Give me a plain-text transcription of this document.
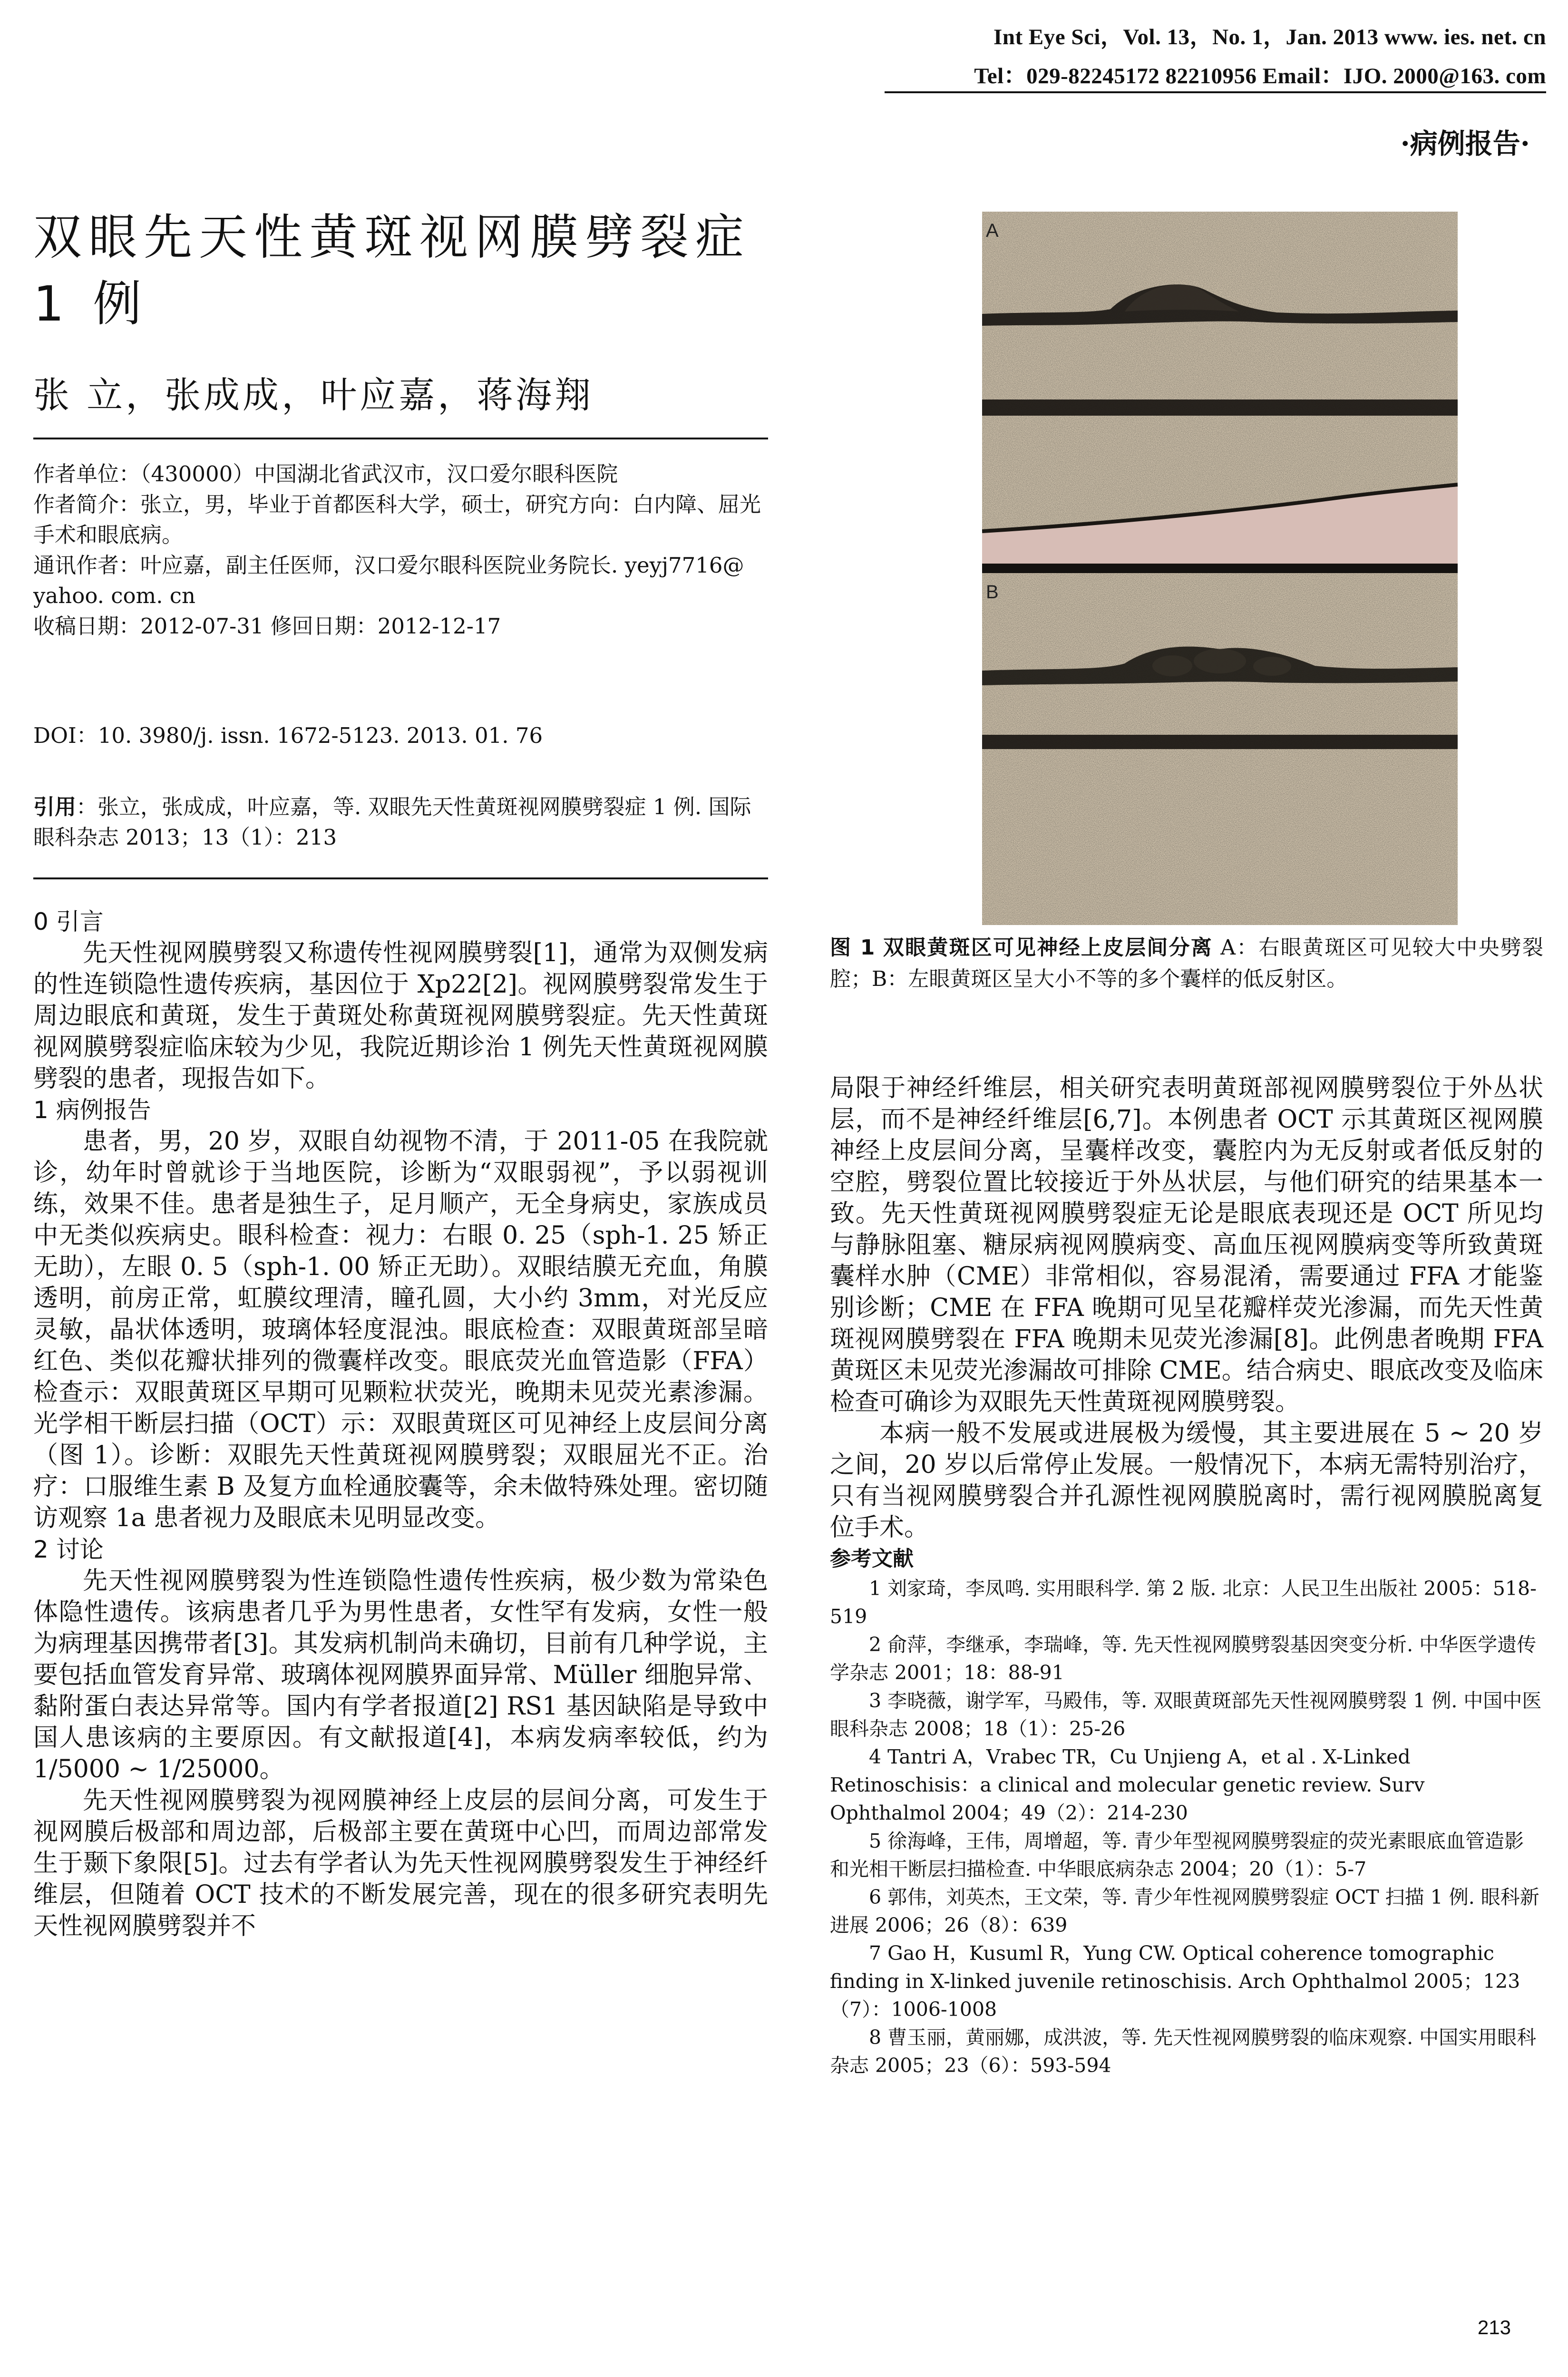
Int Eye Sci，Vol. 13，No. 1，Jan. 2013 www. ies. net. cn
Tel：029-82245172 82210956 Email：IJO. 2000@163. com
·病例报告·
双眼先天性黄斑视网膜劈裂症 1 例
张 立，张成成，叶应嘉，蒋海翔

作者单位：（430000）中国湖北省武汉市，汉口爱尔眼科医院

作者简介：张立，男，毕业于首都医科大学，硕士，研究方向：白内障、屈光手术和眼底病。

通讯作者：叶应嘉，副主任医师，汉口爱尔眼科医院业务院长. yeyj7716@ yahoo. com. cn

收稿日期：2012-07-31 修回日期：2012-12-17

DOI：10. 3980/j. issn. 1672-5123. 2013. 01. 76
引用：张立，张成成，叶应嘉，等. 双眼先天性黄斑视网膜劈裂症 1 例. 国际眼科杂志 2013；13（1）：213
0 引言

先天性视网膜劈裂又称遗传性视网膜劈裂[1]，通常为双侧发病的性连锁隐性遗传疾病，基因位于 Xp22[2]。视网膜劈裂常发生于周边眼底和黄斑，发生于黄斑处称黄斑视网膜劈裂症。先天性黄斑视网膜劈裂症临床较为少见，我院近期诊治 1 例先天性黄斑视网膜劈裂的患者，现报告如下。

1 病例报告

患者，男，20 岁，双眼自幼视物不清，于 2011-05 在我院就诊，幼年时曾就诊于当地医院，诊断为“双眼弱视”，予以弱视训练，效果不佳。患者是独生子，足月顺产，无全身病史，家族成员中无类似疾病史。眼科检查：视力：右眼 0. 25（sph-1. 25 矫正无助），左眼 0. 5（sph-1. 00 矫正无助）。双眼结膜无充血，角膜透明，前房正常，虹膜纹理清，瞳孔圆，大小约 3mm，对光反应灵敏，晶状体透明，玻璃体轻度混浊。眼底检查：双眼黄斑部呈暗红色、类似花瓣状排列的微囊样改变。眼底荧光血管造影（FFA）检查示：双眼黄斑区早期可见颗粒状荧光，晚期未见荧光素渗漏。光学相干断层扫描（OCT）示：双眼黄斑区可见神经上皮层间分离（图 1）。诊断：双眼先天性黄斑视网膜劈裂；双眼屈光不正。治疗：口服维生素 B 及复方血栓通胶囊等，余未做特殊处理。密切随访观察 1a 患者视力及眼底未见明显改变。

2 讨论

先天性视网膜劈裂为性连锁隐性遗传性疾病，极少数为常染色体隐性遗传。该病患者几乎为男性患者，女性罕有发病，女性一般为病理基因携带者[3]。其发病机制尚未确切，目前有几种学说，主要包括血管发育异常、玻璃体视网膜界面异常、Müller 细胞异常、黏附蛋白表达异常等。国内有学者报道[2] RS1 基因缺陷是导致中国人患该病的主要原因。有文献报道[4]，本病发病率较低，约为 1/5000 ~ 1/25000。

先天性视网膜劈裂为视网膜神经上皮层的层间分离，可发生于视网膜后极部和周边部，后极部主要在黄斑中心凹，而周边部常发生于颞下象限[5]。过去有学者认为先天性视网膜劈裂发生于神经纤维层，但随着 OCT 技术的不断发展完善，现在的很多研究表明先天性视网膜劈裂并不

A
B
图 1 双眼黄斑区可见神经上皮层间分离 A：右眼黄斑区可见较大中央劈裂腔；B：左眼黄斑区呈大小不等的多个囊样的低反射区。

局限于神经纤维层，相关研究表明黄斑部视网膜劈裂位于外丛状层，而不是神经纤维层[6,7]。本例患者 OCT 示其黄斑区视网膜神经上皮层间分离，呈囊样改变，囊腔内为无反射或者低反射的空腔，劈裂位置比较接近于外丛状层，与他们研究的结果基本一致。先天性黄斑视网膜劈裂症无论是眼底表现还是 OCT 所见均与静脉阻塞、糖尿病视网膜病变、高血压视网膜病变等所致黄斑囊样水肿（CME）非常相似，容易混淆，需要通过 FFA 才能鉴别诊断；CME 在 FFA 晚期可见呈花瓣样荧光渗漏，而先天性黄斑视网膜劈裂在 FFA 晚期未见荧光渗漏[8]。此例患者晚期 FFA 黄斑区未见荧光渗漏故可排除 CME。结合病史、眼底改变及临床检查可确诊为双眼先天性黄斑视网膜劈裂。

本病一般不发展或进展极为缓慢，其主要进展在 5 ~ 20 岁之间，20 岁以后常停止发展。一般情况下，本病无需特别治疗，只有当视网膜劈裂合并孔源性视网膜脱离时，需行视网膜脱离复位手术。

参考文献

1 刘家琦，李凤鸣. 实用眼科学. 第 2 版. 北京：人民卫生出版社 2005：518-519

2 俞萍，李继承，李瑞峰，等. 先天性视网膜劈裂基因突变分析. 中华医学遗传学杂志 2001；18：88-91

3 李晓薇，谢学军，马殿伟，等. 双眼黄斑部先天性视网膜劈裂 1 例. 中国中医眼科杂志 2008；18（1）：25-26

4 Tantri A，Vrabec TR，Cu Unjieng A，et al . X-Linked Retinoschisis：a clinical and molecular genetic review. Surv Ophthalmol 2004；49（2）：214-230

5 徐海峰，王伟，周增超，等. 青少年型视网膜劈裂症的荧光素眼底血管造影和光相干断层扫描检查. 中华眼底病杂志 2004；20（1）：5-7

6 郭伟，刘英杰，王文荣，等. 青少年性视网膜劈裂症 OCT 扫描 1 例. 眼科新进展 2006；26（8）：639

7 Gao H，Kusuml R，Yung CW. Optical coherence tomographic finding in X-linked juvenile retinoschisis. Arch Ophthalmol 2005；123（7）：1006-1008

8 曹玉丽，黄丽娜，成洪波，等. 先天性视网膜劈裂的临床观察. 中国实用眼科杂志 2005；23（6）：593-594

213
